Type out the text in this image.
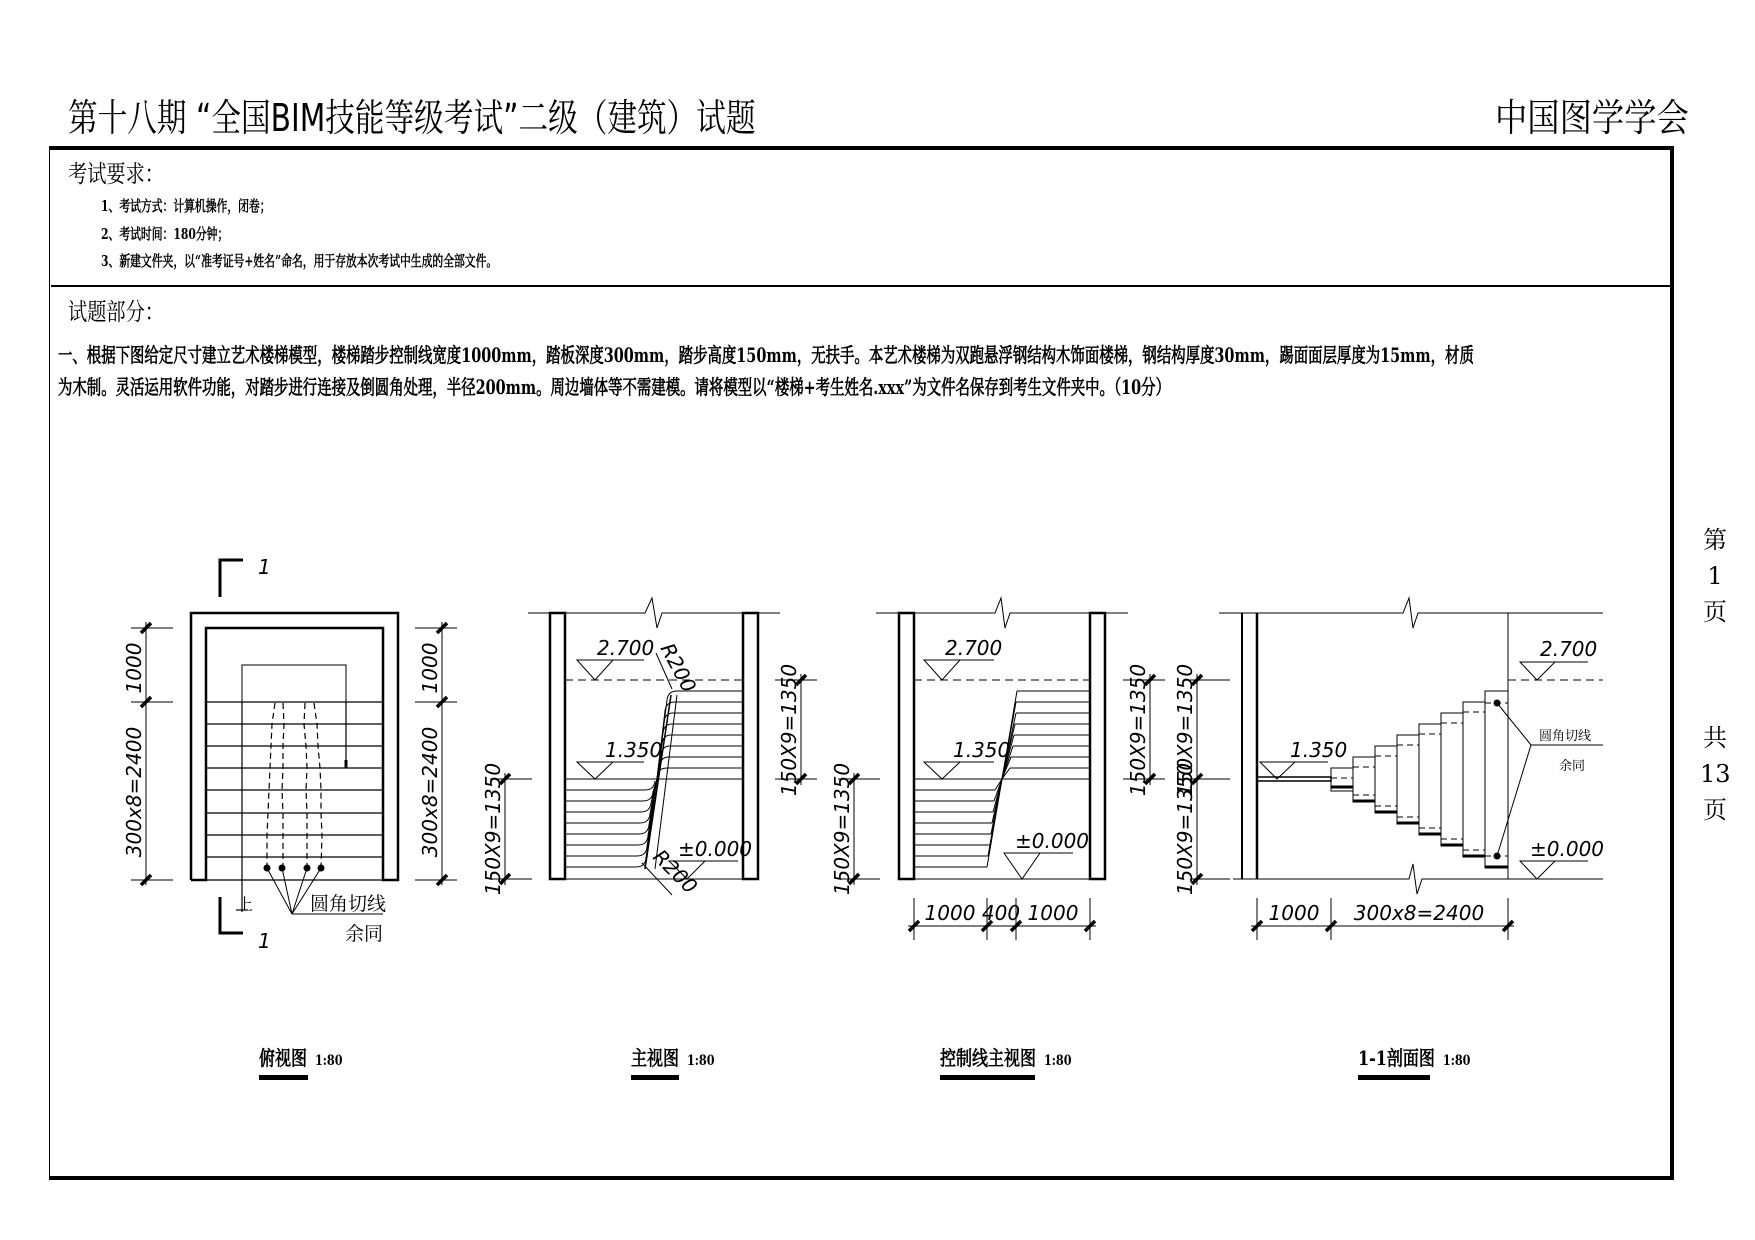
第十八期 “全国BIM技能等级考试”二级（建筑）试题	中国图学学会
考试要求：
1、考试方式：计算机操作，闭卷；
2、考试时间：180分钟；
3、新建文件夹，以“准考证号+姓名”命名，用于存放本次考试中生成的全部文件。
试题部分：
一、根据下图给定尺寸建立艺术楼梯模型，楼梯踏步控制线宽度1000mm，踏板深度300mm，踏步高度150mm，无扶手。本艺术楼梯为双跑悬浮钢结构木饰面楼梯，钢结构厚度30mm，踢面面层厚度为15mm，材质
为木制。灵活运用软件功能，对踏步进行连接及倒圆角处理，半径200mm。周边墙体等不需建模。请将模型以“楼梯+考生姓名.xxx”为文件名保存到考生文件夹中。（10分）
第
1
页
共
13
页
1
1
1000
300x8=2400
1000
300x8=2400
上	圆角切线
余同
2.700
1.350
±0.000
R200
R200
150X9=1350
150X9=1350
2.700
1.350
±0.000
150X9=1350
150X9=1350
1000 400 1000
2.700
1.350
±0.000
圆角切线
余同
150X9=1350
150X9=1350
1000 300x8=2400
俯视图 1:80	主视图 1:80	控制线主视图 1:80	1-1剖面图 1:80
